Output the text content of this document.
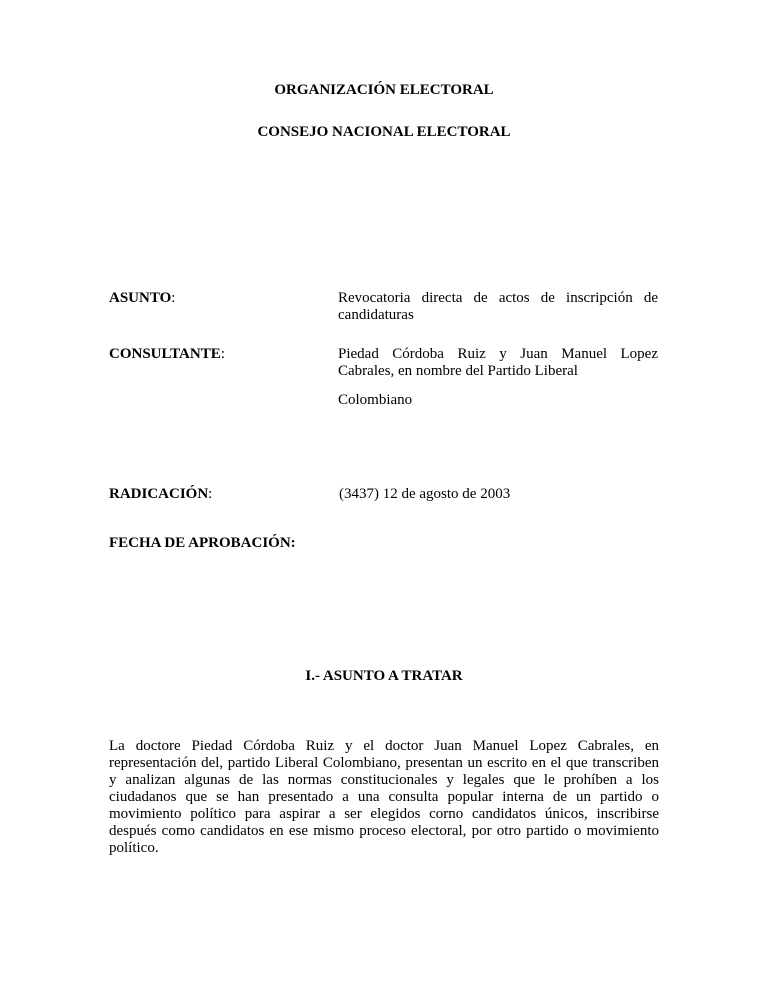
ORGANIZACIÓN ELECTORAL
CONSEJO NACIONAL ELECTORAL
ASUNTO:	Revocatoria directa de actos de inscripción de candidaturas
CONSULTANTE:	Piedad Córdoba Ruiz y Juan Manuel Lopez Cabrales, en nombre del Partido Liberal
Colombiano
RADICACIÓN:	(3437) 12 de agosto de 2003
FECHA DE APROBACIÓN:
I.- ASUNTO A TRATAR
La doctore Piedad Córdoba Ruiz y el doctor Juan Manuel Lopez Cabrales, en representación del, partido Liberal Colombiano, presentan un escrito en el que transcriben y analizan algunas de las normas constitucionales y legales que le prohíben a los ciudadanos que se han presentado a una consulta popular interna de un partido o movimiento político para aspirar a ser elegidos corno candidatos únicos, inscribirse después como candidatos en ese mismo proceso electoral, por otro partido o movimiento político.
